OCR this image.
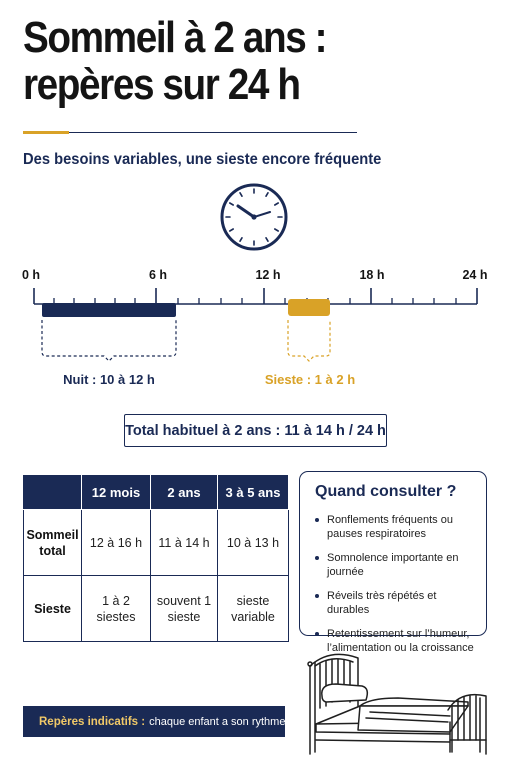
Sommeil à 2 ans :
repères sur 24 h
Des besoins variables, une sieste encore fréquente
0 h	6 h	12 h	18 h	24 h
Nuit : 10 à 12 h	Sieste : 1 à 2 h
Total habituel à 2 ans : 11 à 14 h / 24 h
	12 mois	2 ans	3 à 5 ans
Sommeil total	12 à 16 h	11 à 14 h	10 à 13 h
Sieste	1 à 2 siestes	souvent 1 sieste	sieste variable
Quand consulter ?
Ronflements fréquents ou pauses respiratoires
Somnolence importante en journée
Réveils très répétés et durables
Retentissement sur l’humeur, l’alimentation ou la croissance
Repères indicatifs : chaque enfant a son rythme.
